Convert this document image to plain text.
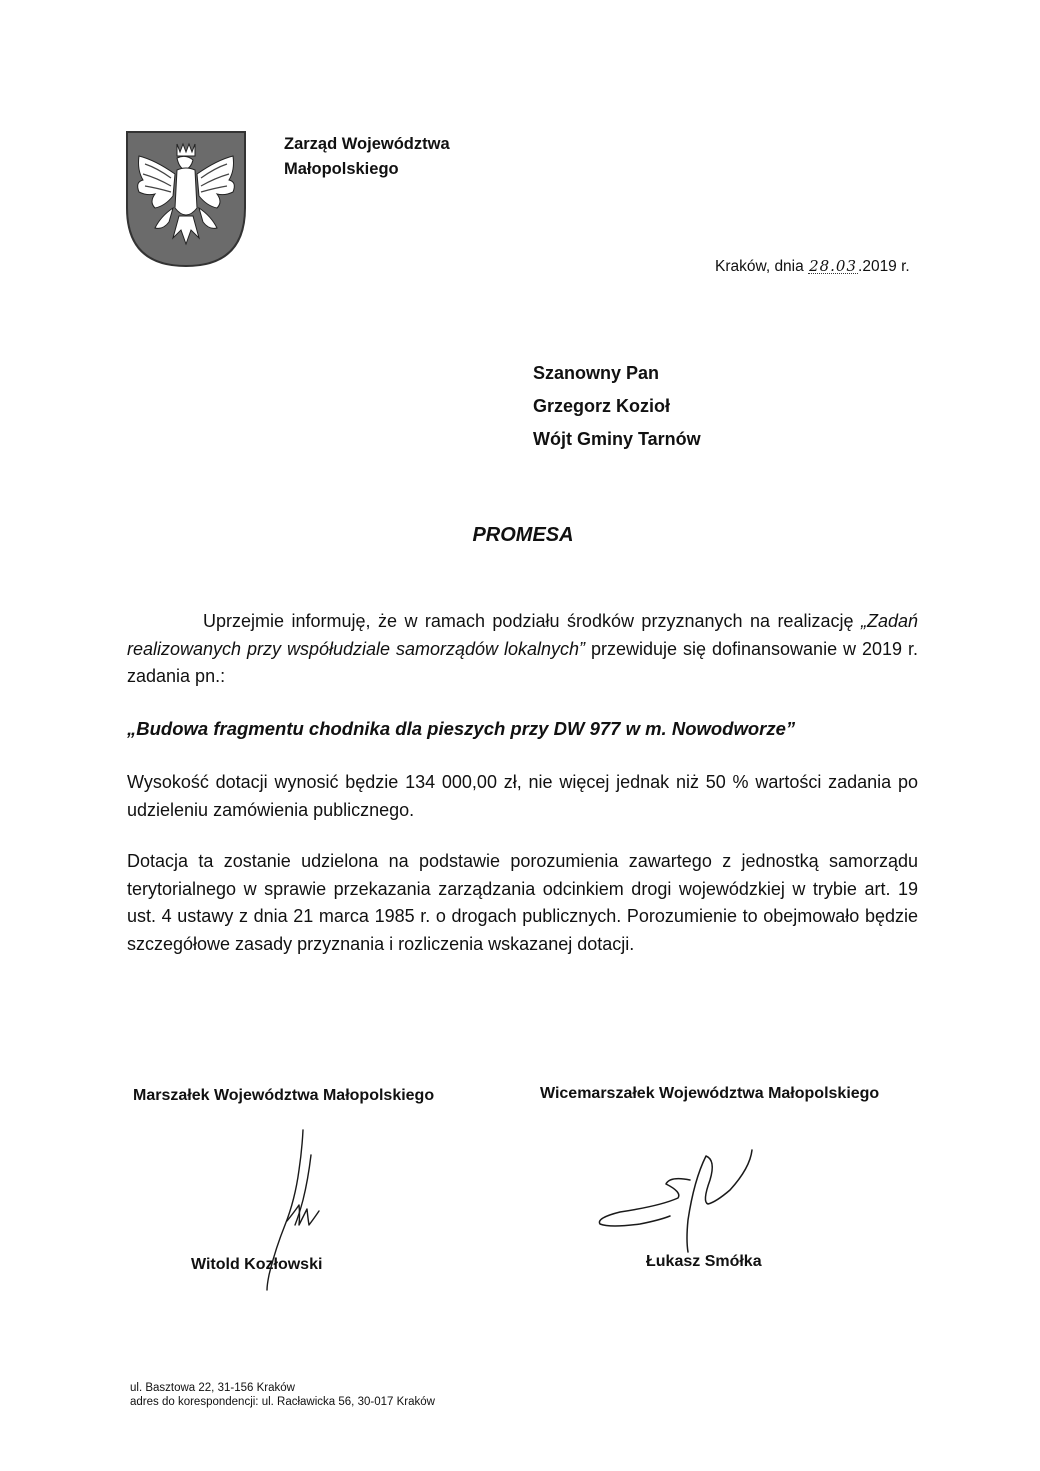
Zarząd Województwa
Małopolskiego
Kraków, dnia 28.03.2019 r.
Szanowny Pan
Grzegorz Kozioł
Wójt Gminy Tarnów
PROMESA
Uprzejmie informuję, że w ramach podziału środków przyznanych na realizację „Zadań realizowanych przy współudziale samorządów lokalnych” przewiduje się dofinansowanie w 2019 r. zadania pn.:
„Budowa fragmentu chodnika dla pieszych przy DW 977 w m. Nowodworze”
Wysokość dotacji wynosić będzie 134 000,00 zł, nie więcej jednak niż 50 % wartości zadania po udzieleniu zamówienia publicznego.
Dotacja ta zostanie udzielona na podstawie porozumienia zawartego z jednostką samorządu terytorialnego w sprawie przekazania zarządzania odcinkiem drogi wojewódzkiej w trybie art. 19 ust. 4 ustawy z dnia 21 marca 1985 r. o drogach publicznych. Porozumienie to obejmowało będzie szczegółowe zasady przyznania i rozliczenia wskazanej dotacji.
Marszałek Województwa Małopolskiego	Wicemarszałek Województwa Małopolskiego
Witold Kozłowski	Łukasz Smółka
ul. Basztowa 22, 31-156 Kraków
adres do korespondencji: ul. Racławicka 56, 30-017 Kraków
